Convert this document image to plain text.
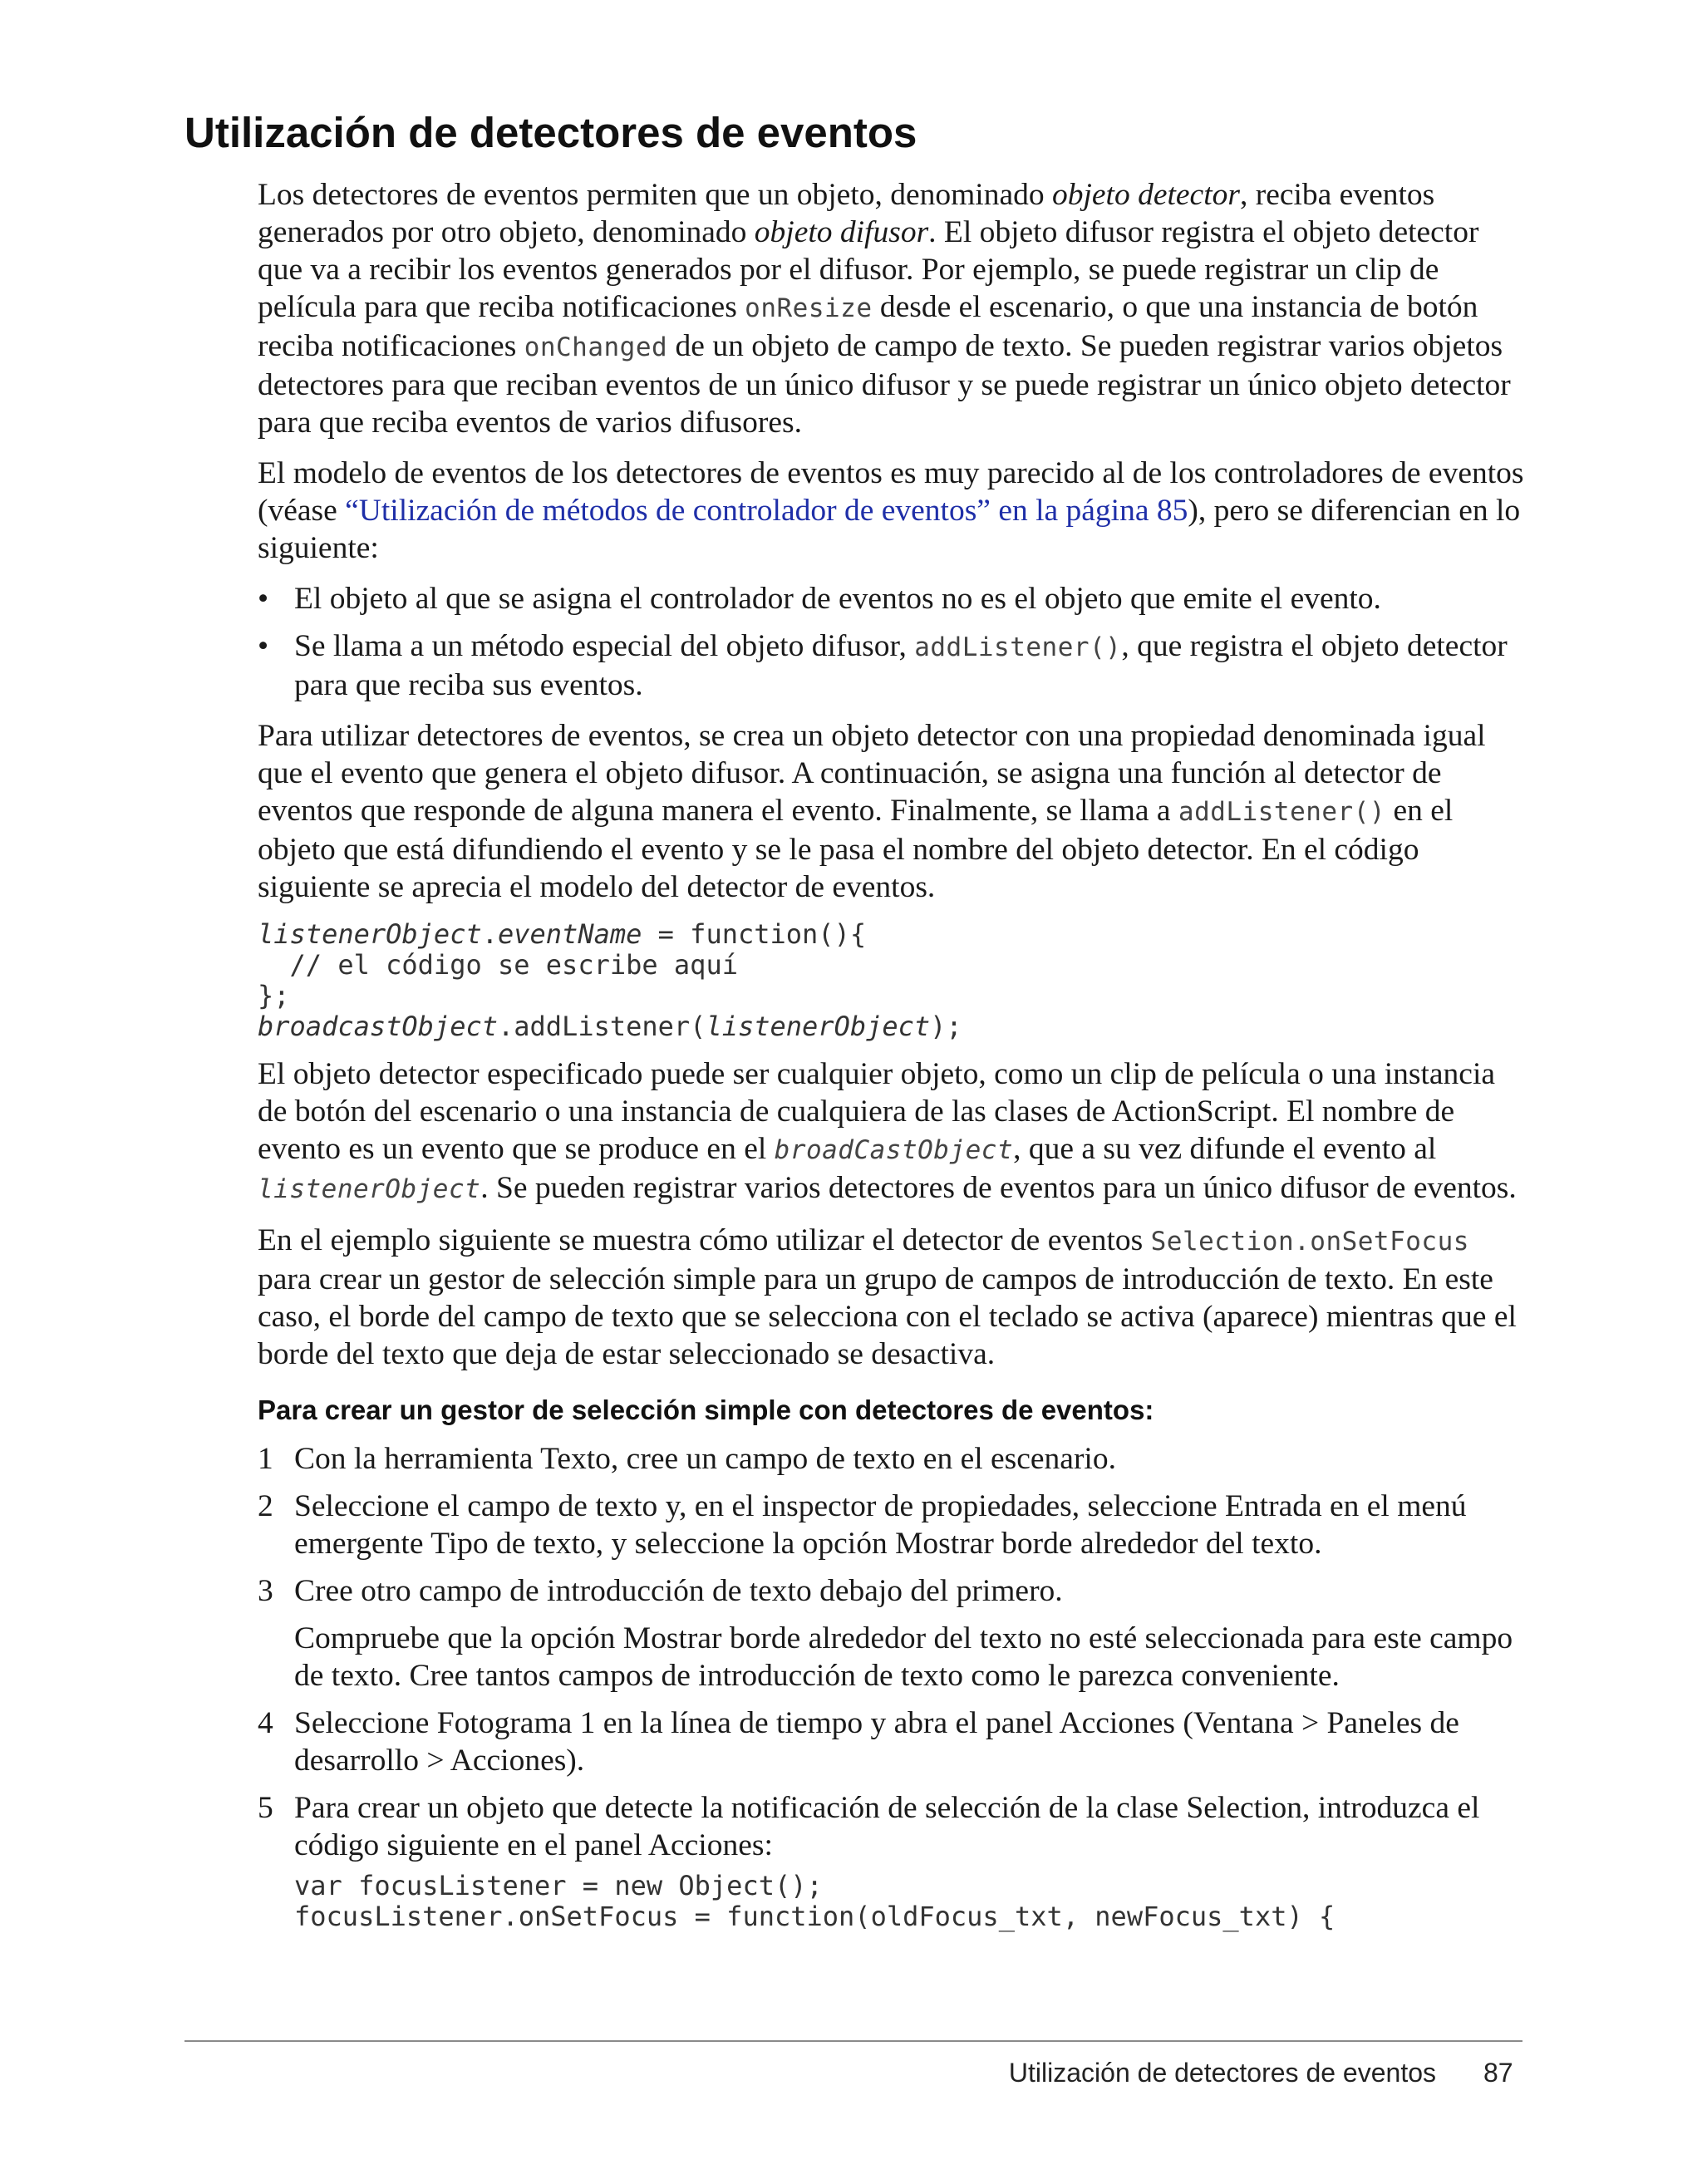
Utilización de detectores de eventos

Los detectores de eventos permiten que un objeto, denominado objeto detector, reciba eventos generados por otro objeto, denominado objeto difusor. El objeto difusor registra el objeto detector que va a recibir los eventos generados por el difusor. Por ejemplo, se puede registrar un clip de película para que reciba notificaciones onResize desde el escenario, o que una instancia de botón reciba notificaciones onChanged de un objeto de campo de texto. Se pueden registrar varios objetos detectores para que reciban eventos de un único difusor y se puede registrar un único objeto detector para que reciba eventos de varios difusores.

El modelo de eventos de los detectores de eventos es muy parecido al de los controladores de eventos (véase “Utilización de métodos de controlador de eventos” en la página 85), pero se diferencian en lo siguiente:

• El objeto al que se asigna el controlador de eventos no es el objeto que emite el evento.
• Se llama a un método especial del objeto difusor, addListener(), que registra el objeto detector para que reciba sus eventos.

Para utilizar detectores de eventos, se crea un objeto detector con una propiedad denominada igual que el evento que genera el objeto difusor. A continuación, se asigna una función al detector de eventos que responde de alguna manera el evento. Finalmente, se llama a addListener() en el objeto que está difundiendo el evento y se le pasa el nombre del objeto detector. En el código siguiente se aprecia el modelo del detector de eventos.

listenerObject.eventName = function(){
// el código se escribe aquí
};
broadcastObject.addListener(listenerObject);

El objeto detector especificado puede ser cualquier objeto, como un clip de película o una instancia de botón del escenario o una instancia de cualquiera de las clases de ActionScript. El nombre de evento es un evento que se produce en el broadCastObject, que a su vez difunde el evento al listenerObject. Se pueden registrar varios detectores de eventos para un único difusor de eventos.

En el ejemplo siguiente se muestra cómo utilizar el detector de eventos Selection.onSetFocus para crear un gestor de selección simple para un grupo de campos de introducción de texto. En este caso, el borde del campo de texto que se selecciona con el teclado se activa (aparece) mientras que el borde del texto que deja de estar seleccionado se desactiva.

Para crear un gestor de selección simple con detectores de eventos:
1 Con la herramienta Texto, cree un campo de texto en el escenario.
2 Seleccione el campo de texto y, en el inspector de propiedades, seleccione Entrada en el menú emergente Tipo de texto, y seleccione la opción Mostrar borde alrededor del texto.
3 Cree otro campo de introducción de texto debajo del primero.
Compruebe que la opción Mostrar borde alrededor del texto no esté seleccionada para este campo de texto. Cree tantos campos de introducción de texto como le parezca conveniente.
4 Seleccione Fotograma 1 en la línea de tiempo y abra el panel Acciones (Ventana > Paneles de desarrollo > Acciones).
5 Para crear un objeto que detecte la notificación de selección de la clase Selection, introduzca el código siguiente en el panel Acciones:
var focusListener = new Object();
focusListener.onSetFocus = function(oldFocus_txt, newFocus_txt) {
Utilización de detectores de eventos 87
